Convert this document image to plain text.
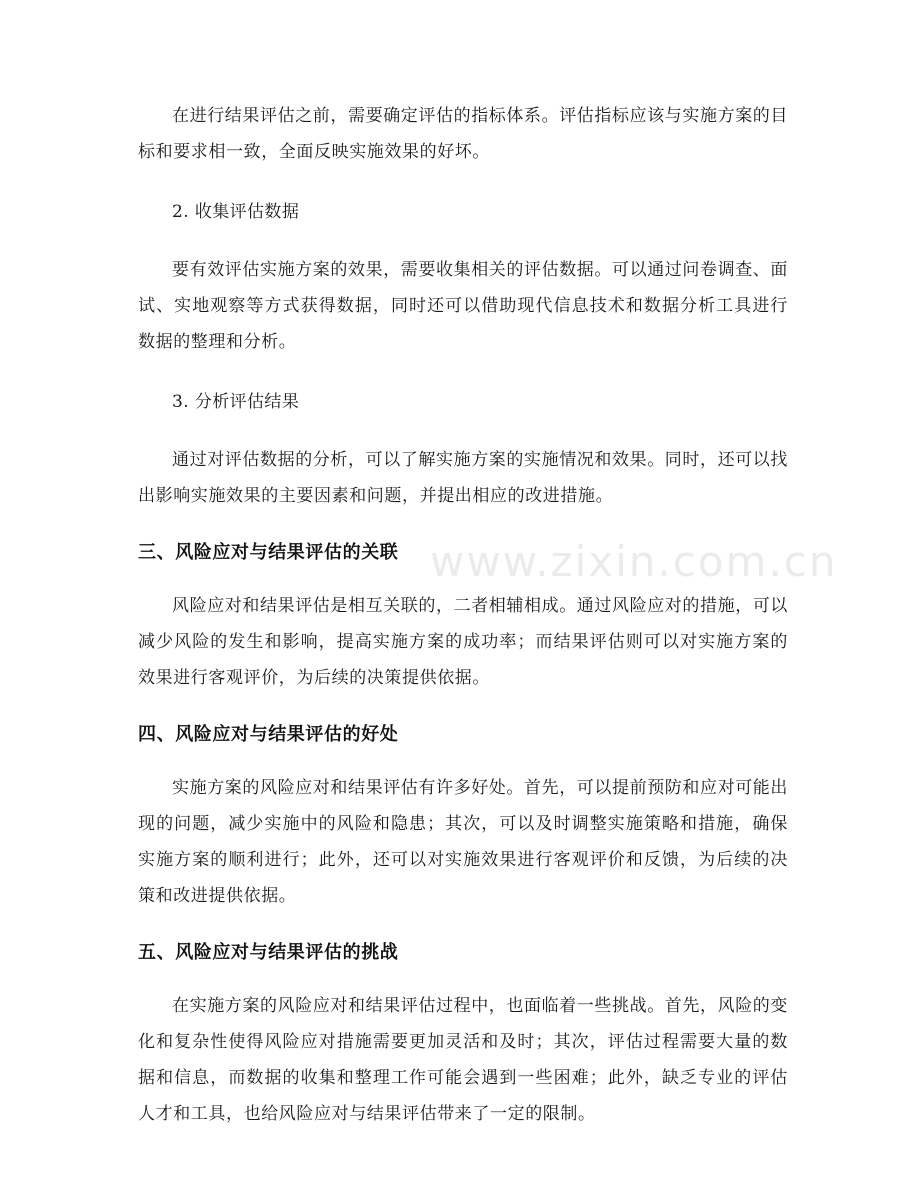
在进行结果评估之前，需要确定评估的指标体系。评估指标应该与实施方案的目标和要求相一致，全面反映实施效果的好坏。

2. 收集评估数据

要有效评估实施方案的效果，需要收集相关的评估数据。可以通过问卷调查、面试、实地观察等方式获得数据，同时还可以借助现代信息技术和数据分析工具进行数据的整理和分析。

3. 分析评估结果

通过对评估数据的分析，可以了解实施方案的实施情况和效果。同时，还可以找出影响实施效果的主要因素和问题，并提出相应的改进措施。

三、风险应对与结果评估的关联

风险应对和结果评估是相互关联的，二者相辅相成。通过风险应对的措施，可以减少风险的发生和影响，提高实施方案的成功率；而结果评估则可以对实施方案的效果进行客观评价，为后续的决策提供依据。

四、风险应对与结果评估的好处

实施方案的风险应对和结果评估有许多好处。首先，可以提前预防和应对可能出现的问题，减少实施中的风险和隐患；其次，可以及时调整实施策略和措施，确保实施方案的顺利进行；此外，还可以对实施效果进行客观评价和反馈，为后续的决策和改进提供依据。

五、风险应对与结果评估的挑战

在实施方案的风险应对和结果评估过程中，也面临着一些挑战。首先，风险的变化和复杂性使得风险应对措施需要更加灵活和及时；其次，评估过程需要大量的数据和信息，而数据的收集和整理工作可能会遇到一些困难；此外，缺乏专业的评估人才和工具，也给风险应对与结果评估带来了一定的限制。

www.zixin.com.cn
